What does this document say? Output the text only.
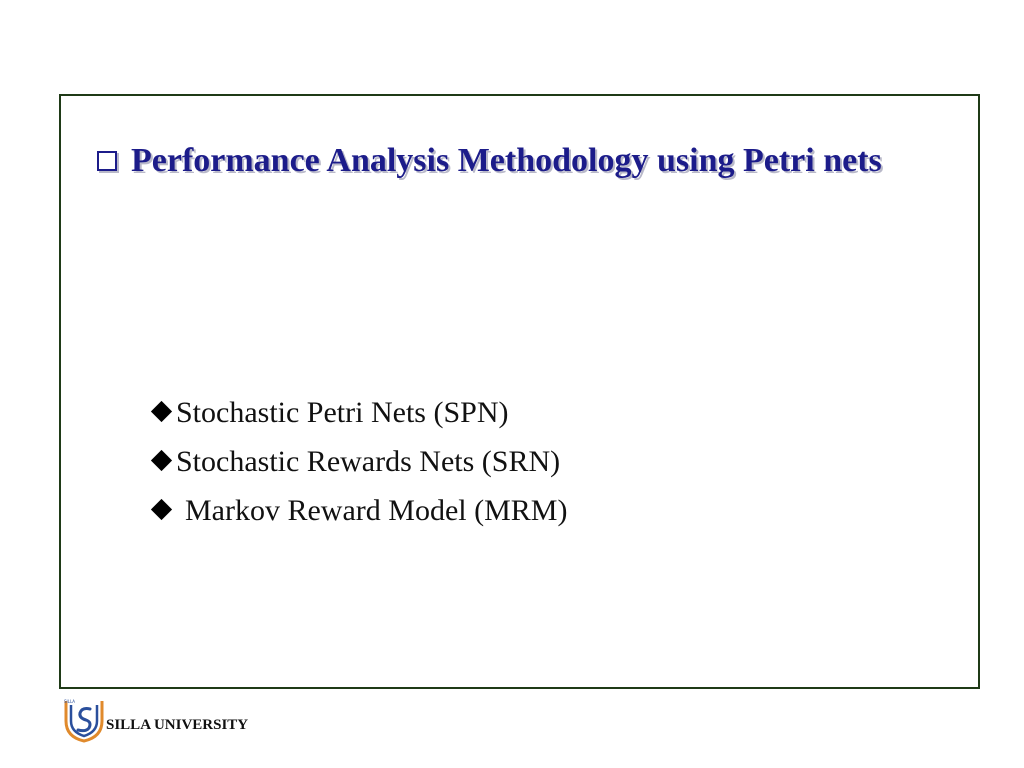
Performance Analysis Methodology using Petri nets
Stochastic Petri Nets (SPN)
Stochastic Rewards Nets (SRN)
Markov Reward Model (MRM)
SILLA
SILLA UNIVERSITY
